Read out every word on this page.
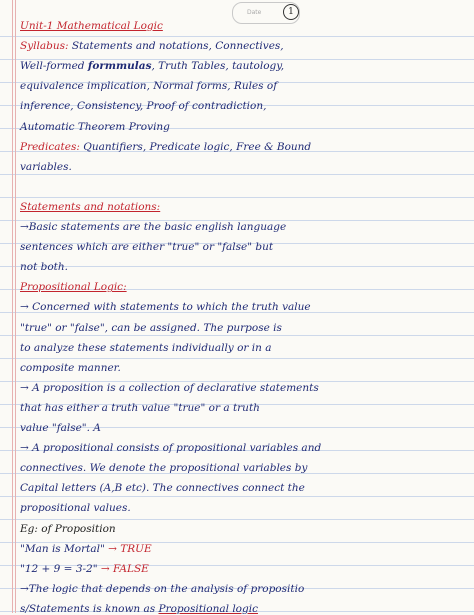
Date	1
Unit-1 Mathematical Logic
Syllabus: Statements and notations, Connectives,
Well-formed formmulas, Truth Tables, tautology,
equivalence implication, Normal forms, Rules of
inference, Consistency, Proof of contradiction,
Automatic Theorem Proving
Predicates: Quantifiers, Predicate logic, Free & Bound
variables.
Statements and notations:
→Basic statements are the basic english language
sentences which are either "true" or "false" but
not both.
Propositional Logic:
→ Concerned with statements to which the truth value
"true" or "false", can be assigned. The purpose is
to analyze these statements individually or in a
composite manner.
→ A proposition is a collection of declarative statements
that has either a truth value "true" or a truth
value "false". A
→ A propositional consists of propositional variables and
connectives. We denote the propositional variables by
Capital letters (A,B etc). The connectives connect the
propositional values.
Eg: of Proposition
"Man is Mortal" → TRUE
"12 + 9 = 3-2" → FALSE
→The logic that depends on the analysis of propositio
s/Statements is known as Propositional logic
